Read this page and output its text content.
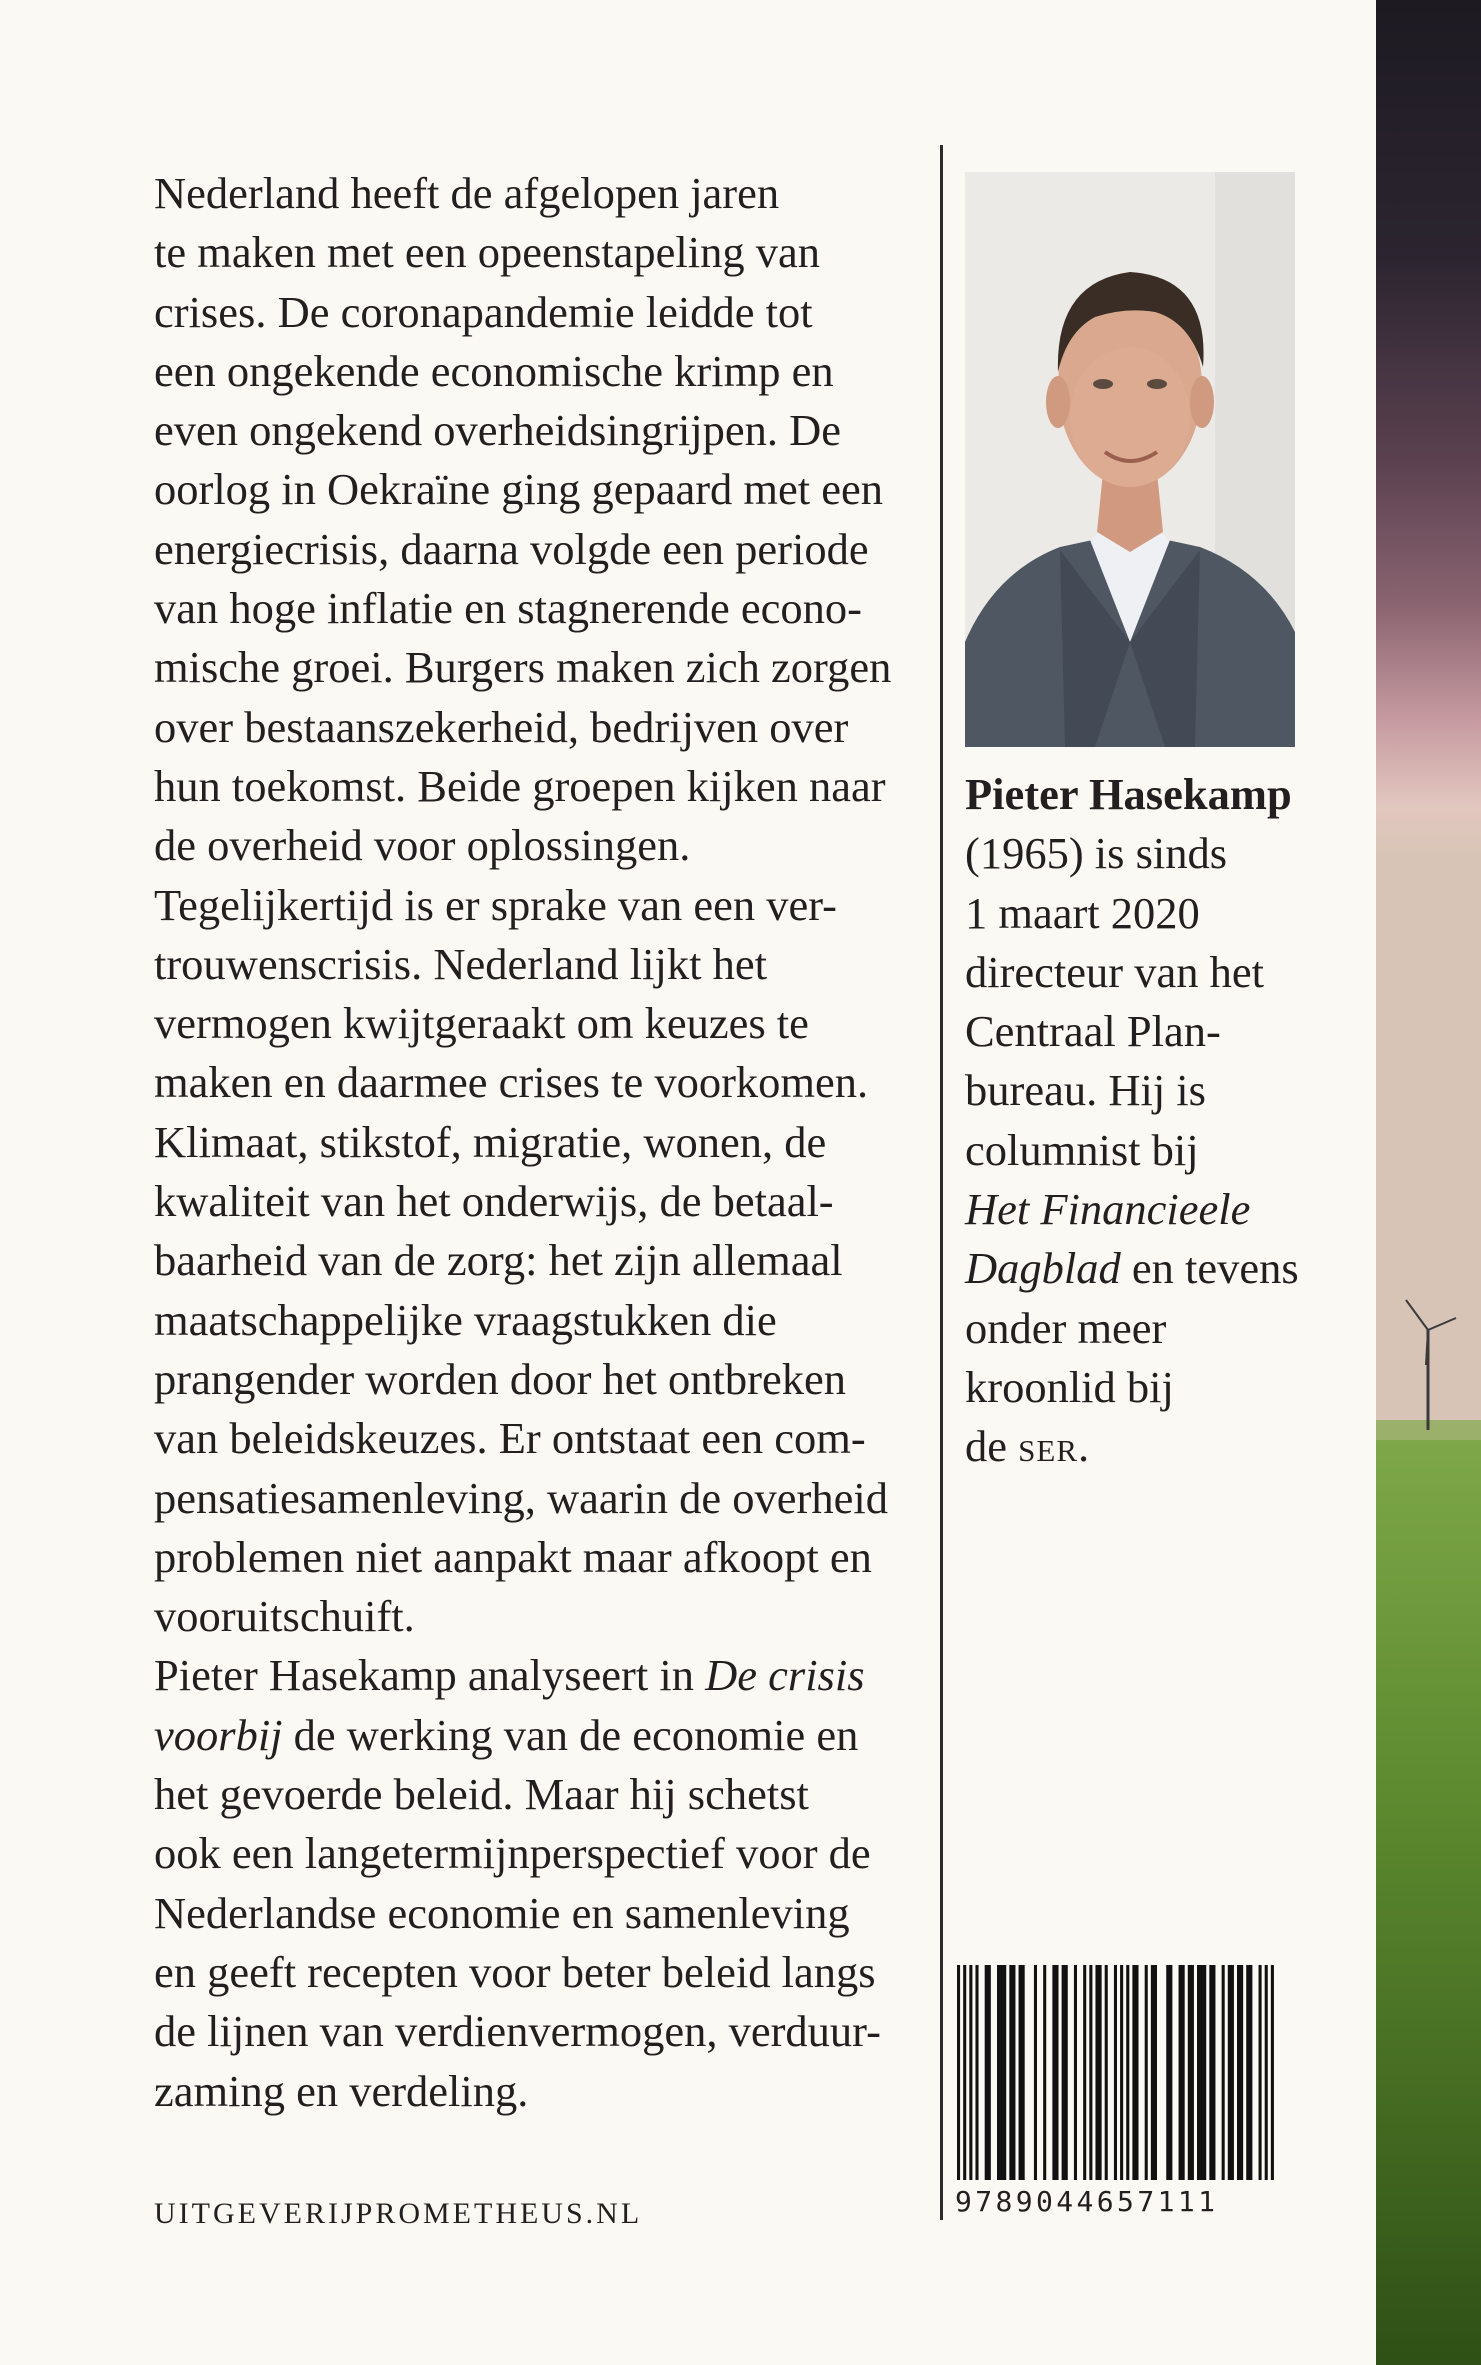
Nederland heeft de afgelopen jaren
te maken met een opeenstapeling van
crises. De coronapandemie leidde tot
een ongekende economische krimp en
even ongekend overheidsingrijpen. De
oorlog in Oekraïne ging gepaard met een
energiecrisis, daarna volgde een periode
van hoge inflatie en stagnerende econo-
mische groei. Burgers maken zich zorgen
over bestaanszekerheid, bedrijven over
hun toekomst. Beide groepen kijken naar
de overheid voor oplossingen.
Tegelijkertijd is er sprake van een ver-
trouwenscrisis. Nederland lijkt het
vermogen kwijtgeraakt om keuzes te
maken en daarmee crises te voorkomen.
Klimaat, stikstof, migratie, wonen, de
kwaliteit van het onderwijs, de betaal-
baarheid van de zorg: het zijn allemaal
maatschappelijke vraagstukken die
prangender worden door het ontbreken
van beleidskeuzes. Er ontstaat een com-
pensatiesamenleving, waarin de overheid
problemen niet aanpakt maar afkoopt en
vooruitschuift.
Pieter Hasekamp analyseert in De crisis
voorbij de werking van de economie en
het gevoerde beleid. Maar hij schetst
ook een langetermijnperspectief voor de
Nederlandse economie en samenleving
en geeft recepten voor beter beleid langs
de lijnen van verdienvermogen, verduur-
zaming en verdeling.
UITGEVERIJPROMETHEUS.NL
Pieter Hasekamp
(1965) is sinds
1 maart 2020
directeur van het
Centraal Plan-
bureau. Hij is
columnist bij
Het Financieele
Dagblad en tevens
onder meer
kroonlid bij
de ser.
9789044657111
